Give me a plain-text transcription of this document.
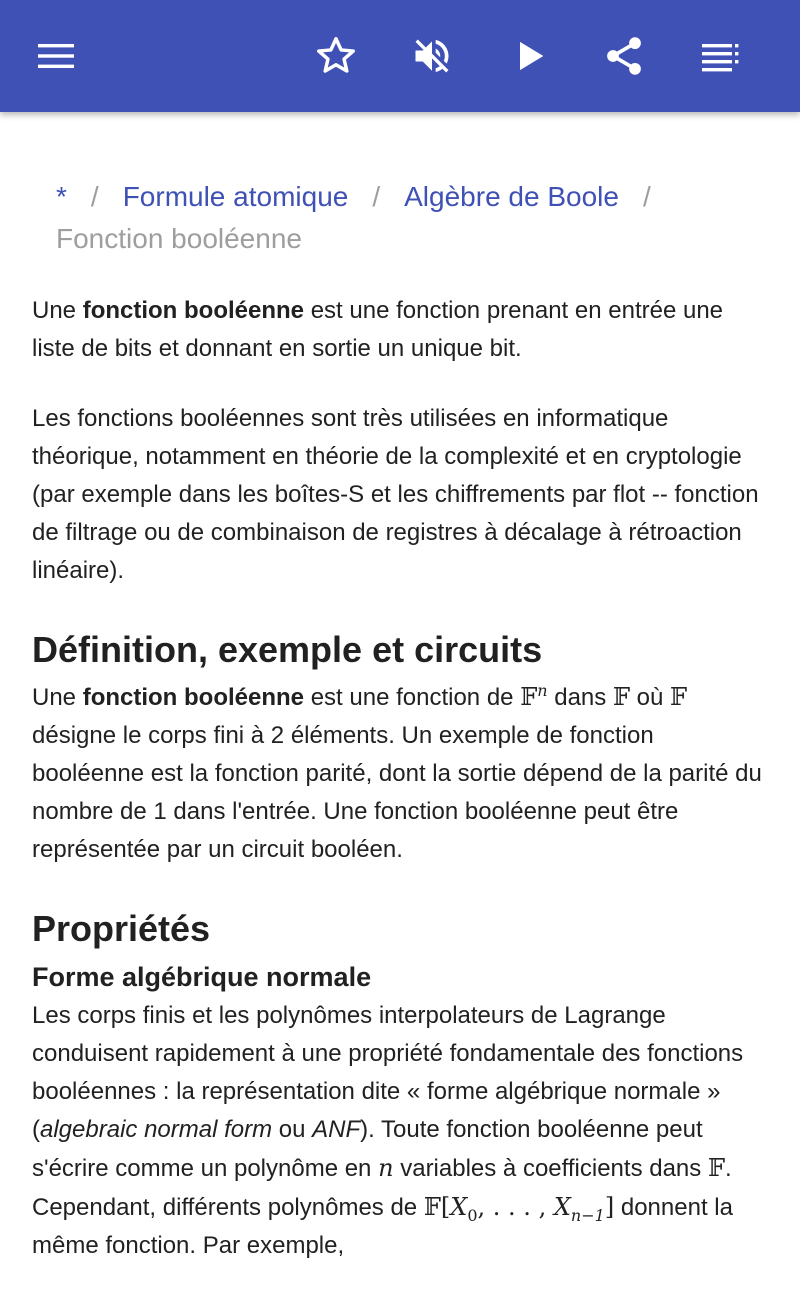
* / Formule atomique / Algèbre de Boole /
Fonction booléenne

Une fonction booléenne est une fonction prenant en entrée une liste de bits et donnant en sortie un unique bit.

Les fonctions booléennes sont très utilisées en informatique théorique, notamment en théorie de la complexité et en cryptologie (par exemple dans les boîtes-S et les chiffrements par flot -- fonction de filtrage ou de combinaison de registres à décalage à rétroaction linéaire).

Définition, exemple et circuits

Une fonction booléenne est une fonction de 𝔽$^n$ dans 𝔽 où 𝔽 désigne le corps fini à 2 éléments. Un exemple de fonction booléenne est la fonction parité, dont la sortie dépend de la parité du nombre de 1 dans l'entrée. Une fonction booléenne peut être représentée par un circuit booléen.

Propriétés
Forme algébrique normale

Les corps finis et les polynômes interpolateurs de Lagrange conduisent rapidement à une propriété fondamentale des fonctions booléennes : la représentation dite « forme algébrique normale » (algebraic normal form ou ANF). Toute fonction booléenne peut s'écrire comme un polynôme en n variables à coefficients dans 𝔽. Cependant, différents polynômes de $𝔽[X_0$, . . . , $X_{n-1}$] donnent la même fonction. Par exemple,
